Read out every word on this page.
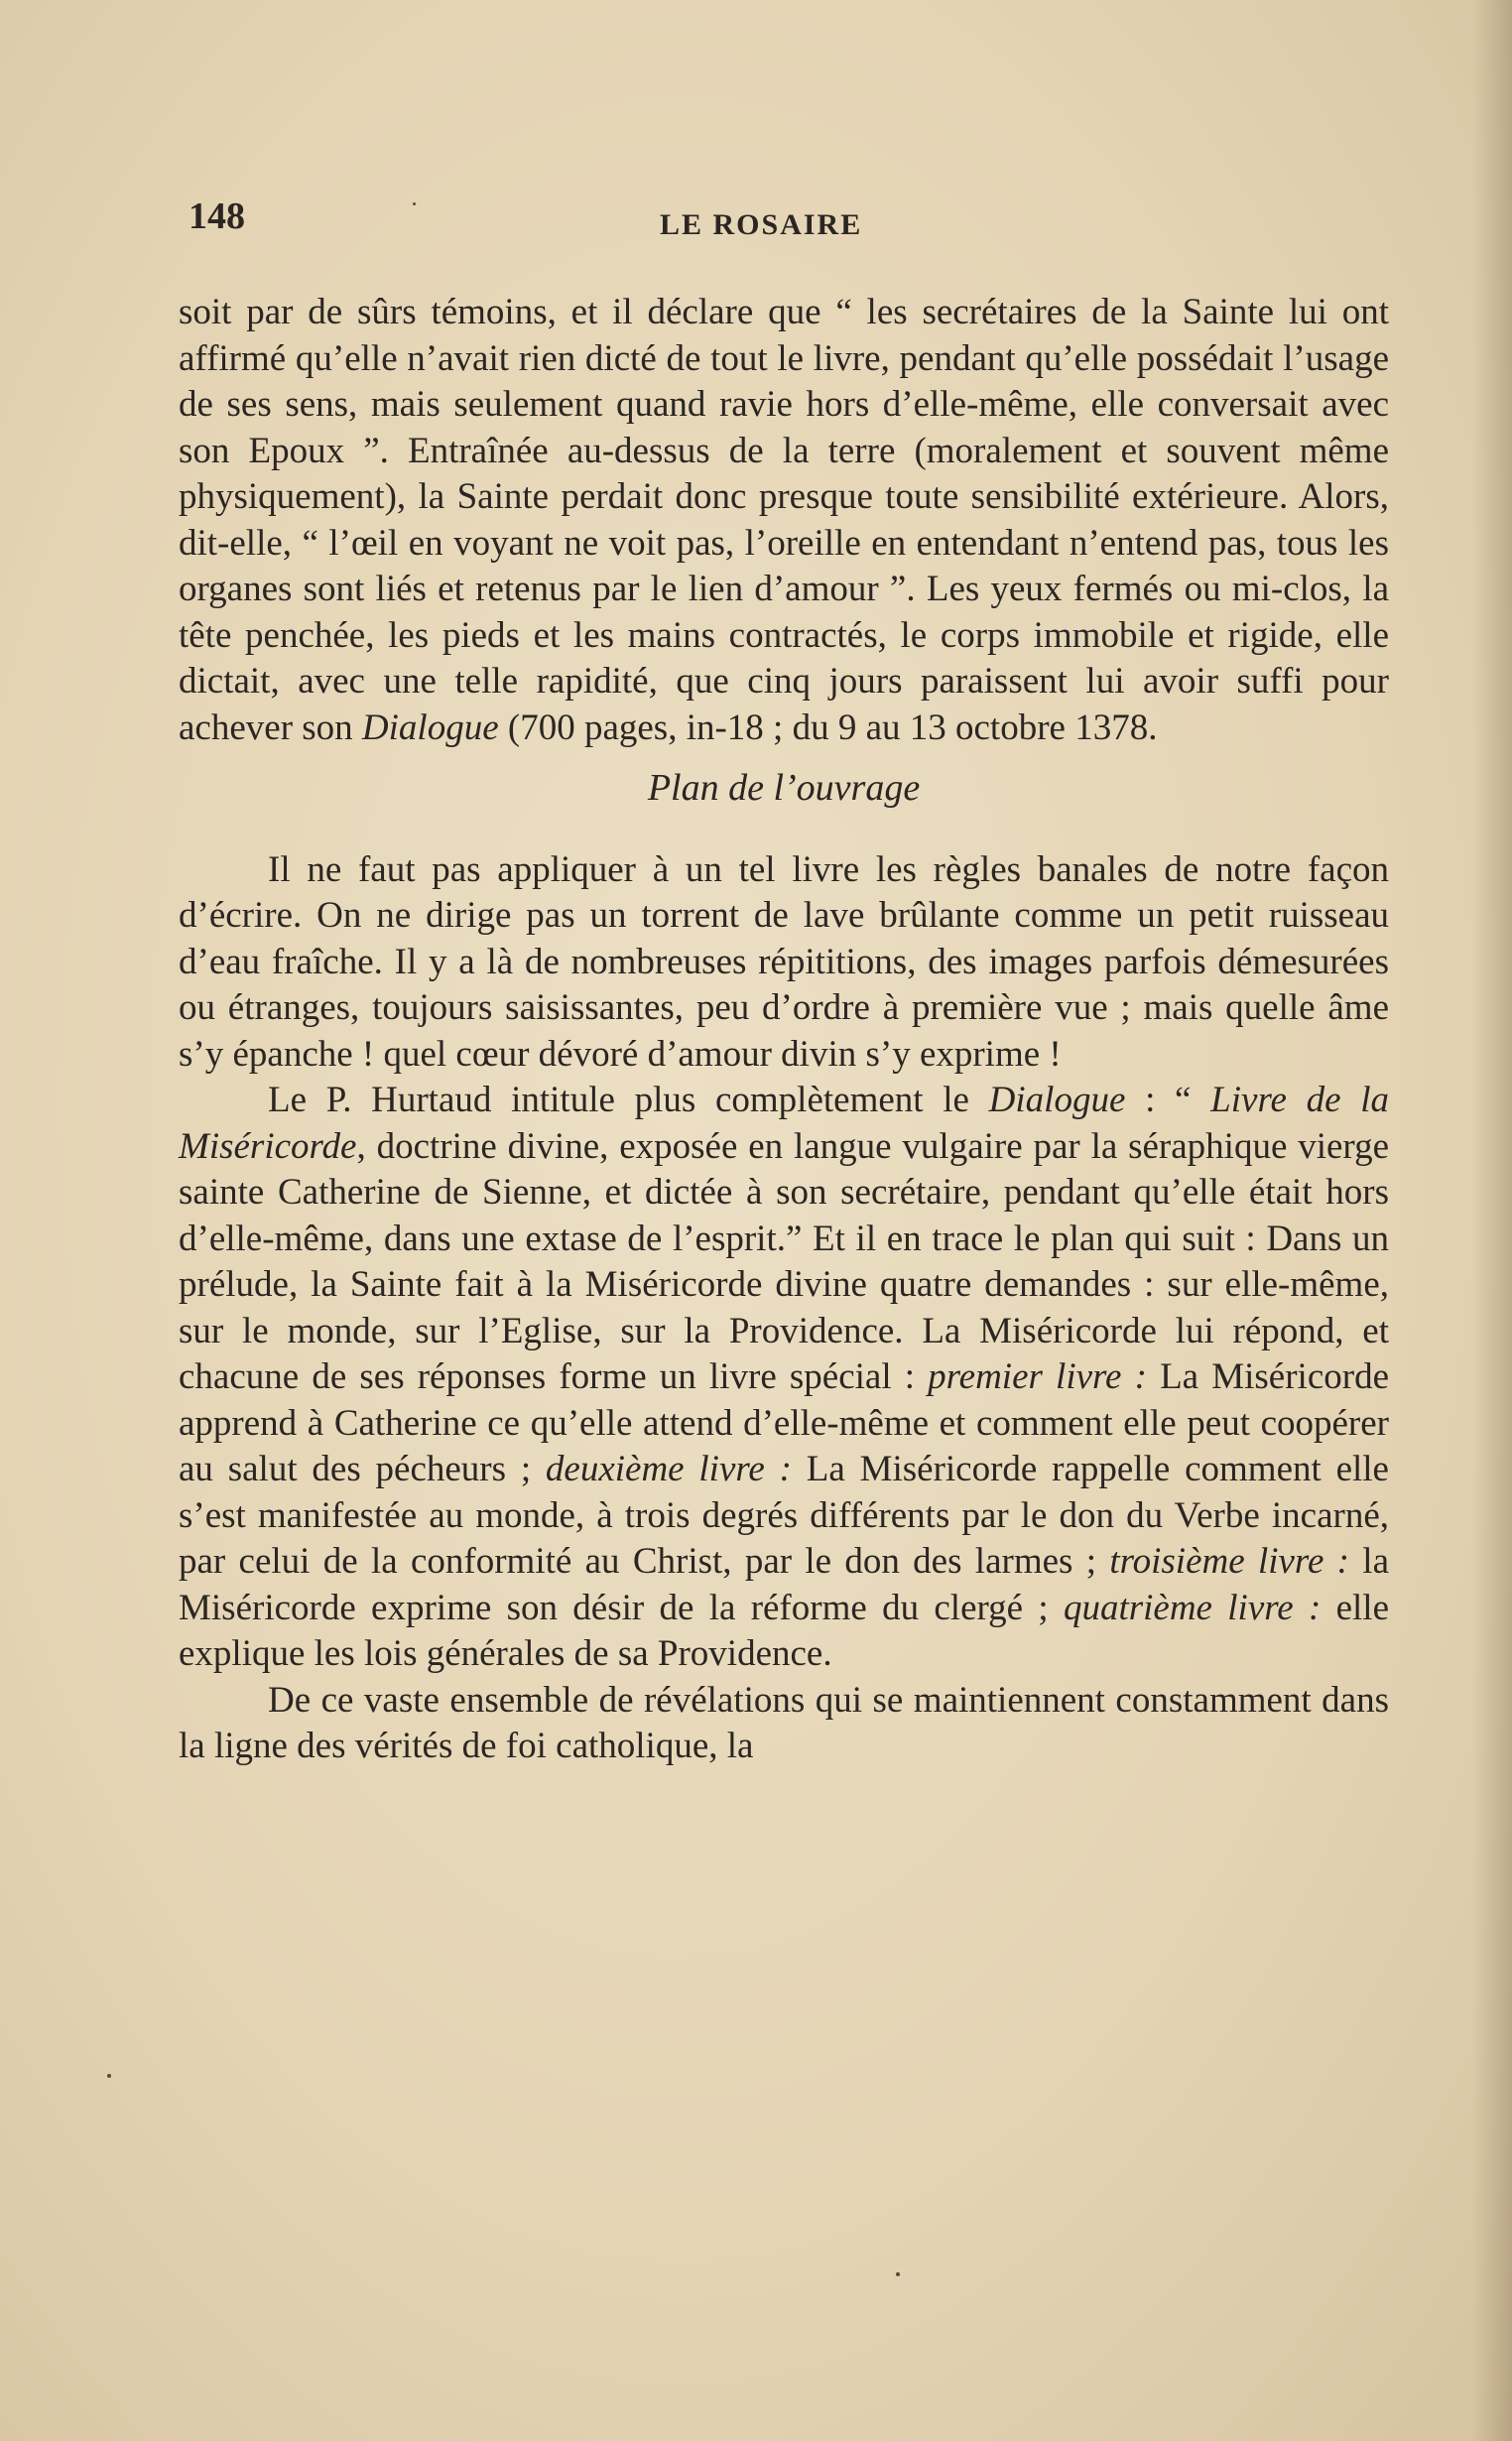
148	LE ROSAIRE

soit par de sûrs témoins, et il déclare que “ les secrétaires de la Sainte lui ont affirmé qu’elle n’avait rien dicté de tout le livre, pendant qu’elle possédait l’usage de ses sens, mais seulement quand ravie hors d’elle-même, elle conversait avec son Epoux ”. Entraînée au-dessus de la terre (moralement et souvent même physiquement), la Sainte perdait donc presque toute sensibilité extérieure. Alors, dit-elle, “ l’œil en voyant ne voit pas, l’oreille en entendant n’entend pas, tous les organes sont liés et retenus par le lien d’amour ”. Les yeux fermés ou mi-clos, la tête penchée, les pieds et les mains contractés, le corps immobile et rigide, elle dictait, avec une telle rapidité, que cinq jours paraissent lui avoir suffi pour achever son Dialogue (700 pages, in-18 ; du 9 au 13 octobre 1378.

Plan de l’ouvrage

Il ne faut pas appliquer à un tel livre les règles banales de notre façon d’écrire. On ne dirige pas un torrent de lave brûlante comme un petit ruisseau d’eau fraîche. Il y a là de nombreuses répititions, des images parfois démesurées ou étranges, toujours saisissantes, peu d’ordre à première vue ; mais quelle âme s’y épanche ! quel cœur dévoré d’amour divin s’y exprime !

Le P. Hurtaud intitule plus complètement le Dialogue : “ Livre de la Miséricorde, doctrine divine, exposée en langue vulgaire par la séraphique vierge sainte Catherine de Sienne, et dictée à son secrétaire, pendant qu’elle était hors d’elle-même, dans une extase de l’esprit.” Et il en trace le plan qui suit : Dans un prélude, la Sainte fait à la Miséricorde divine quatre demandes : sur elle-même, sur le monde, sur l’Eglise, sur la Providence. La Miséricorde lui répond, et chacune de ses réponses forme un livre spécial : premier livre : La Miséricorde apprend à Catherine ce qu’elle attend d’elle-même et comment elle peut coopérer au salut des pécheurs ; deuxième livre : La Miséricorde rappelle comment elle s’est manifestée au monde, à trois degrés différents par le don du Verbe incarné, par celui de la conformité au Christ, par le don des larmes ; troisième livre : la Miséricorde exprime son désir de la réforme du clergé ; quatrième livre : elle explique les lois générales de sa Providence.

De ce vaste ensemble de révélations qui se maintiennent constamment dans la ligne des vérités de foi catholique, la
